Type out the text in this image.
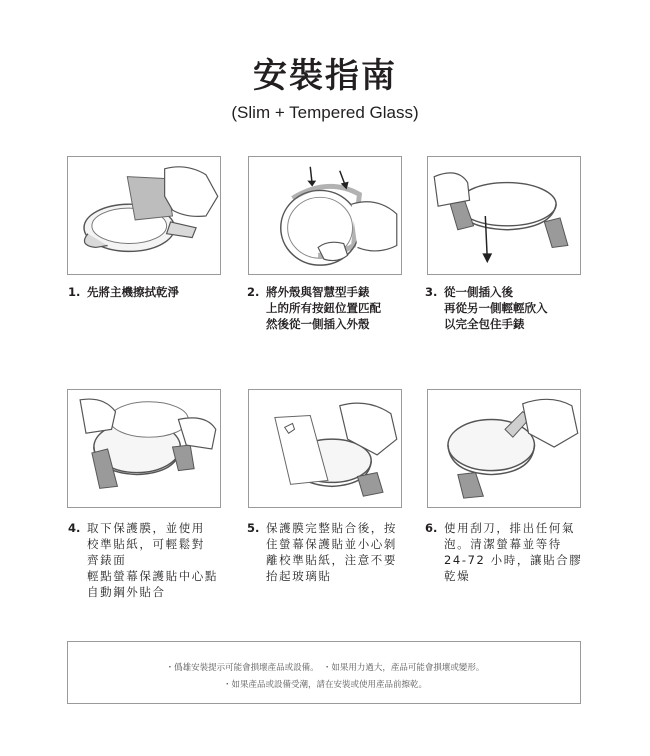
安裝指南
(Slim + Tempered Glass)
1. 先將主機擦拭乾淨	2. 將外殼與智慧型手錶
上的所有按鈕位置匹配
然後從一側插入外殼
3. 從一側插入後
再從另一側輕輕欣入
以完全包住手錶
4. 取下保護膜，並使用
校準貼紙，可輕鬆對
齊錶面
輕點螢幕保護貼中心點
自動鋼外貼合
5. 保護膜完整貼合後，按
住螢幕保護貼並小心剝
離校準貼紙，注意不要
抬起玻璃貼
6. 使用刮刀，排出任何氣
泡。清潔螢幕並等待
24-72 小時，讓貼合膠
乾燥
・僞雄安裝提示可能會損壞產品或設備。　・如果用力過大，產品可能會損壞或變形。
・如果產品或設備受潮，請在安裝或使用產品前擦乾。
